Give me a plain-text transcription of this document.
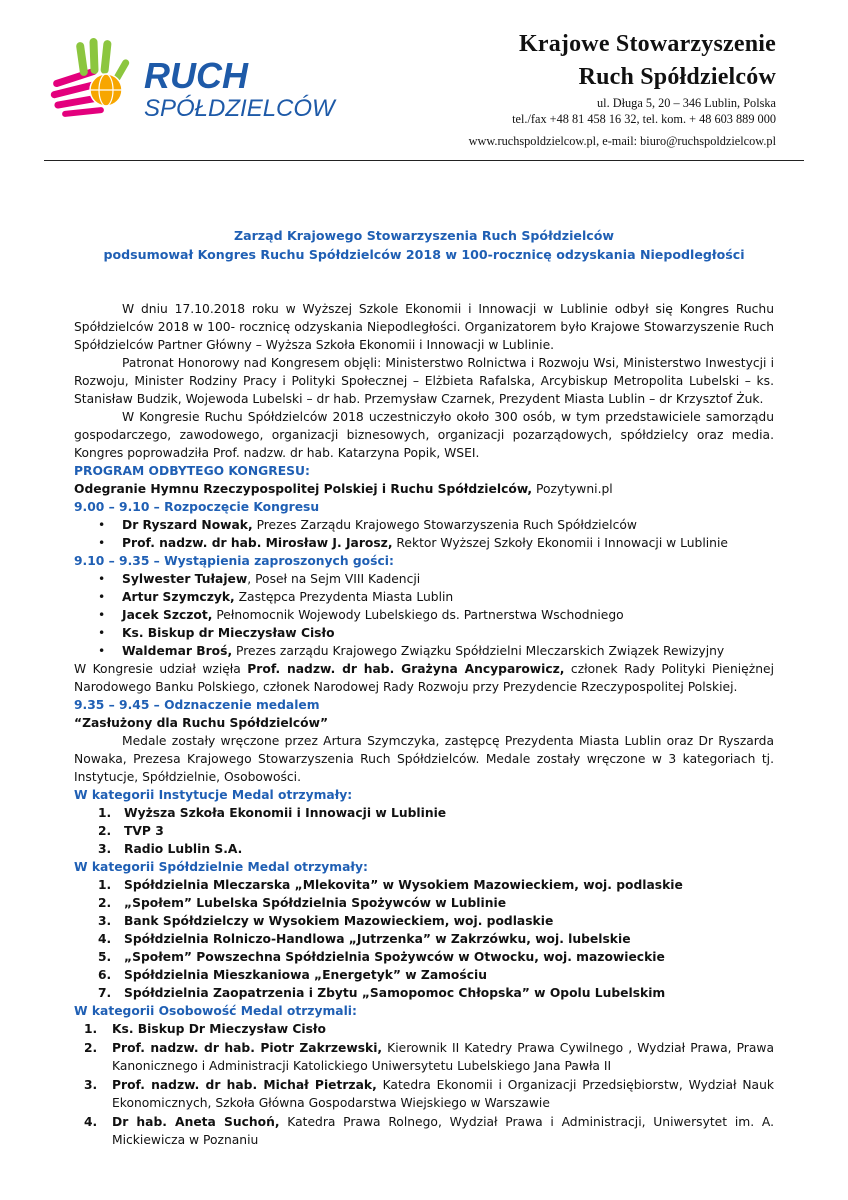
RUCH
SPÓŁDZIELCÓW
Krajowe Stowarzyszenie
Ruch Spółdzielców
ul. Długa 5, 20 – 346 Lublin, Polska
tel./fax +48 81 458 16 32, tel. kom. + 48 603 889 000
www.ruchspoldzielcow.pl, e-mail: biuro@ruchspoldzielcow.pl
Zarząd Krajowego Stowarzyszenia Ruch Spółdzielców
podsumował Kongres Ruchu Spółdzielców 2018 w 100-rocznicę odzyskania Niepodległości

W dniu 17.10.2018 roku w Wyższej Szkole Ekonomii i Innowacji w Lublinie odbył się Kongres Ruchu Spółdzielców 2018 w 100- rocznicę odzyskania Niepodległości. Organizatorem było Krajowe Stowarzyszenie Ruch Spółdzielców Partner Główny – Wyższa Szkoła Ekonomii i Innowacji w Lublinie.

Patronat Honorowy nad Kongresem objęli: Ministerstwo Rolnictwa i Rozwoju Wsi, Ministerstwo Inwestycji i Rozwoju, Minister Rodziny Pracy i Polityki Społecznej – Elżbieta Rafalska, Arcybiskup Metropolita Lubelski – ks. Stanisław Budzik, Wojewoda Lubelski – dr hab. Przemysław Czarnek, Prezydent Miasta Lublin – dr Krzysztof Żuk.

W Kongresie Ruchu Spółdzielców 2018 uczestniczyło około 300 osób, w tym przedstawiciele samorządu gospodarczego, zawodowego, organizacji biznesowych, organizacji pozarządowych, spółdzielcy oraz media. Kongres poprowadziła Prof. nadzw. dr hab. Katarzyna Popik, WSEI.

PROGRAM ODBYTEGO KONGRESU:
Odegranie Hymnu Rzeczypospolitej Polskiej i Ruchu Spółdzielców, Pozytywni.pl
9.00 – 9.10 – Rozpoczęcie Kongresu
• Dr Ryszard Nowak, Prezes Zarządu Krajowego Stowarzyszenia Ruch Spółdzielców
• Prof. nadzw. dr hab. Mirosław J. Jarosz, Rektor Wyższej Szkoły Ekonomii i Innowacji w Lublinie
9.10 – 9.35 – Wystąpienia zaproszonych gości:
• Sylwester Tułajew, Poseł na Sejm VIII Kadencji
• Artur Szymczyk, Zastępca Prezydenta Miasta Lublin
• Jacek Szczot, Pełnomocnik Wojewody Lubelskiego ds. Partnerstwa Wschodniego
• Ks. Biskup dr Mieczysław Cisło
• Waldemar Broś, Prezes zarządu Krajowego Związku Spółdzielni Mleczarskich Związek Rewizyjny

W Kongresie udział wzięła Prof. nadzw. dr hab. Grażyna Ancyparowicz, członek Rady Polityki Pieniężnej Narodowego Banku Polskiego, członek Narodowej Rady Rozwoju przy Prezydencie Rzeczypospolitej Polskiej.

9.35 – 9.45 – Odznaczenie medalem
“Zasłużony dla Ruchu Spółdzielców”

Medale zostały wręczone przez Artura Szymczyka, zastępcę Prezydenta Miasta Lublin oraz Dr Ryszarda Nowaka, Prezesa Krajowego Stowarzyszenia Ruch Spółdzielców. Medale zostały wręczone w 3 kategoriach tj. Instytucje, Spółdzielnie, Osobowości.

W kategorii Instytucje Medal otrzymały:
1. Wyższa Szkoła Ekonomii i Innowacji w Lublinie
2. TVP 3
3. Radio Lublin S.A.
W kategorii Spółdzielnie Medal otrzymały:
1. Spółdzielnia Mleczarska „Mlekovita” w Wysokiem Mazowieckiem, woj. podlaskie
2. „Społem” Lubelska Spółdzielnia Spożywców w Lublinie
3. Bank Spółdzielczy w Wysokiem Mazowieckiem, woj. podlaskie
4. Spółdzielnia Rolniczo-Handlowa „Jutrzenka” w Zakrzówku, woj. lubelskie
5. „Społem” Powszechna Spółdzielnia Spożywców w Otwocku, woj. mazowieckie
6. Spółdzielnia Mieszkaniowa „Energetyk” w Zamościu
7. Spółdzielnia Zaopatrzenia i Zbytu „Samopomoc Chłopska” w Opolu Lubelskim
W kategorii Osobowość Medal otrzymali:
1. Ks. Biskup Dr Mieczysław Cisło
2. Prof. nadzw. dr hab. Piotr Zakrzewski, Kierownik II Katedry Prawa Cywilnego , Wydział Prawa, Prawa Kanonicznego i Administracji Katolickiego Uniwersytetu Lubelskiego Jana Pawła II
3. Prof. nadzw. dr hab. Michał Pietrzak, Katedra Ekonomii i Organizacji Przedsiębiorstw, Wydział Nauk Ekonomicznych, Szkoła Główna Gospodarstwa Wiejskiego w Warszawie
4. Dr hab. Aneta Suchoń, Katedra Prawa Rolnego, Wydział Prawa i Administracji, Uniwersytet im. A. Mickiewicza w Poznaniu
